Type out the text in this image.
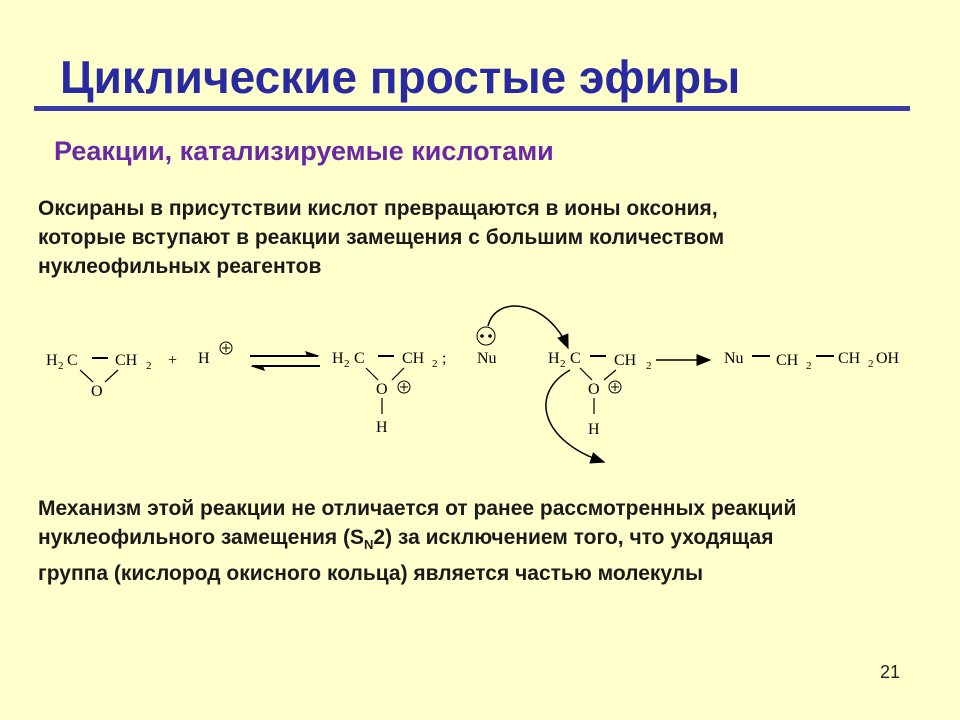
Циклические простые эфиры
Реакции, катализируемые кислотами
Оксираны в присутствии кислот превращаются в ионы оксония,
которые вступают в реакции замещения с большим количеством
нуклеофильных реагентов
H 2 C CH 2
O
+ H	H 2 C CH 2 ;
O
H
Nu	H 2 C CH 2
O
H
Nu CH 2 CH 2 OH
Механизм этой реакции не отличается от ранее рассмотренных реакций
нуклеофильного замещения $(S_N2)$ за исключением того, что уходящая
группа (кислород окисного кольца) является частью молекулы
21
